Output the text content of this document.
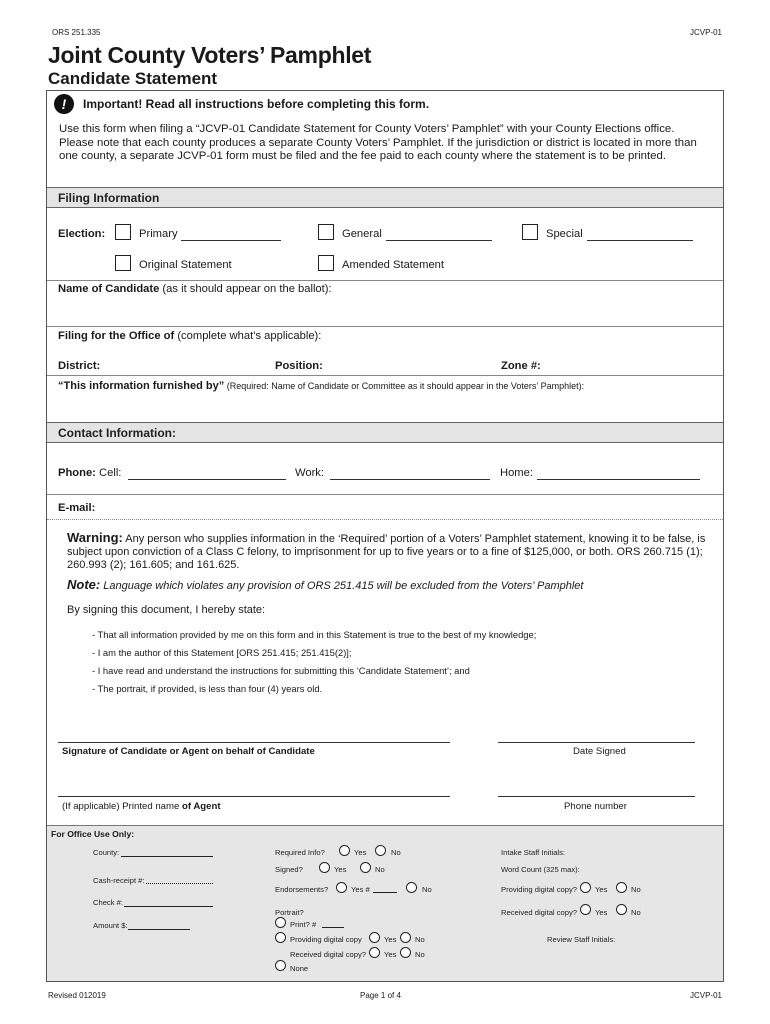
ORS 251.335	JCVP-01
Joint County Voters’ Pamphlet
Candidate Statement
!	Important! Read all instructions before completing this form.
Use this form when filing a “JCVP-01 Candidate Statement for County Voters’ Pamphlet” with your County Elections office. Please note that each county produces a separate County Voters’ Pamphlet. If the jurisdiction or district is located in more than one county, a separate JCVP-01 form must be filed and the fee paid to each county where the statement is to be printed.
Filing Information
Election:	Primary	General	Special
Original Statement	Amended Statement
Name of Candidate (as it should appear on the ballot):
Filing for the Office of (complete what’s applicable):
District:	Position:	Zone #:
“This information furnished by” (Required: Name of Candidate or Committee as it should appear in the Voters’ Pamphlet):
Contact Information:
Phone: Cell:	Work:	Home:
E-mail:
Warning: Any person who supplies information in the ‘Required’ portion of a Voters’ Pamphlet statement, knowing it to be false, is subject upon conviction of a Class C felony, to imprisonment for up to five years or to a fine of $125,000, or both. ORS 260.715 (1); 260.993 (2); 161.605; and 161.625.
Note: Language which violates any provision of ORS 251.415 will be excluded from the Voters’ Pamphlet
By signing this document, I hereby state:
- That all information provided by me on this form and in this Statement is true to the best of my knowledge;
- I am the author of this Statement [ORS 251.415; 251.415(2)];
- I have read and understand the instructions for submitting this ‘Candidate Statement’; and
- The portrait, if provided, is less than four (4) years old.
Signature of Candidate or Agent on behalf of Candidate	Date Signed
(If applicable) Printed name of Agent	Phone number
For Office Use Only:
County:
Cash-receipt #:
Check #:
Amount $:
Required Info?	Yes	No
Signed?	Yes	No
Endorsements?	Yes #	No
Portrait?
Print? #
Providing digital copy	Yes No
Received digital copy? Yes No
None
Intake Staff Initials:
Word Count (325 max):
Providing digital copy? Yes	No
Received digital copy? Yes	No
Review Staff Initials:
Revised 012019	Page 1 of 4	JCVP-01
